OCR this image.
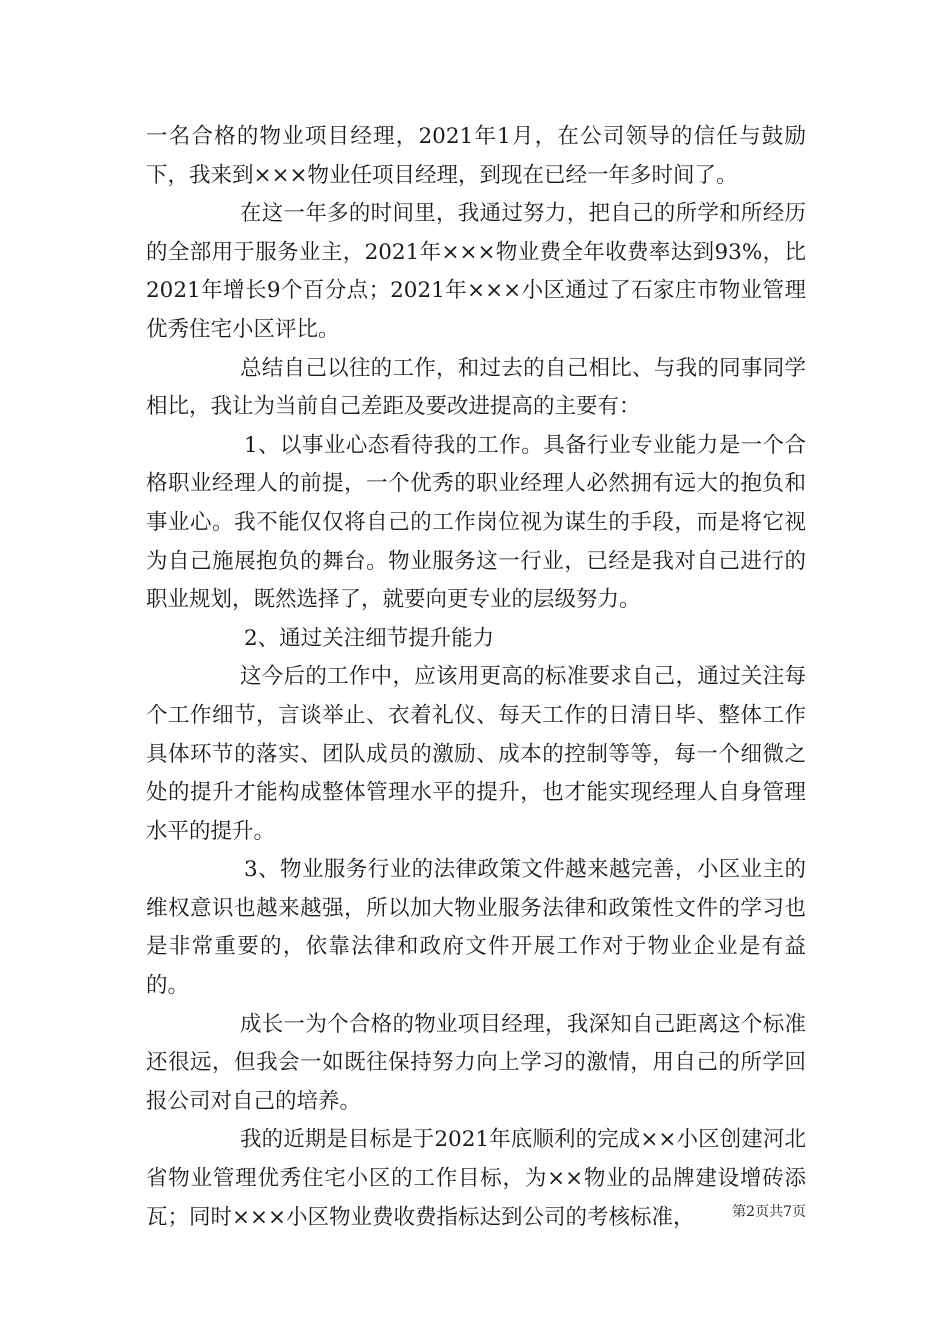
一名合格的物业项目经理，2021年1月，在公司领导的信任与鼓励下，我来到×××物业任项目经理，到现在已经一年多时间了。

在这一年多的时间里，我通过努力，把自己的所学和所经历的全部用于服务业主，2021年×××物业费全年收费率达到93%，比2021年增长9个百分点；2021年×××小区通过了石家庄市物业管理优秀住宅小区评比。

总结自己以往的工作，和过去的自己相比、与我的同事同学相比，我让为当前自己差距及要改进提高的主要有：

1、以事业心态看待我的工作。具备行业专业能力是一个合格职业经理人的前提，一个优秀的职业经理人必然拥有远大的抱负和事业心。我不能仅仅将自己的工作岗位视为谋生的手段，而是将它视为自己施展抱负的舞台。物业服务这一行业，已经是我对自己进行的职业规划，既然选择了，就要向更专业的层级努力。

2、通过关注细节提升能力

这今后的工作中，应该用更高的标准要求自己，通过关注每个工作细节，言谈举止、衣着礼仪、每天工作的日清日毕、整体工作具体环节的落实、团队成员的激励、成本的控制等等，每一个细微之处的提升才能构成整体管理水平的提升，也才能实现经理人自身管理水平的提升。

3、物业服务行业的法律政策文件越来越完善，小区业主的维权意识也越来越强，所以加大物业服务法律和政策性文件的学习也是非常重要的，依靠法律和政府文件开展工作对于物业企业是有益的。

成长一为个合格的物业项目经理，我深知自己距离这个标准还很远，但我会一如既往保持努力向上学习的激情，用自己的所学回报公司对自己的培养。

我的近期是目标是于2021年底顺利的完成××小区创建河北省物业管理优秀住宅小区的工作目标，为××物业的品牌建设增砖添瓦；同时×××小区物业费收费指标达到公司的考核标准，	第2页共7页
